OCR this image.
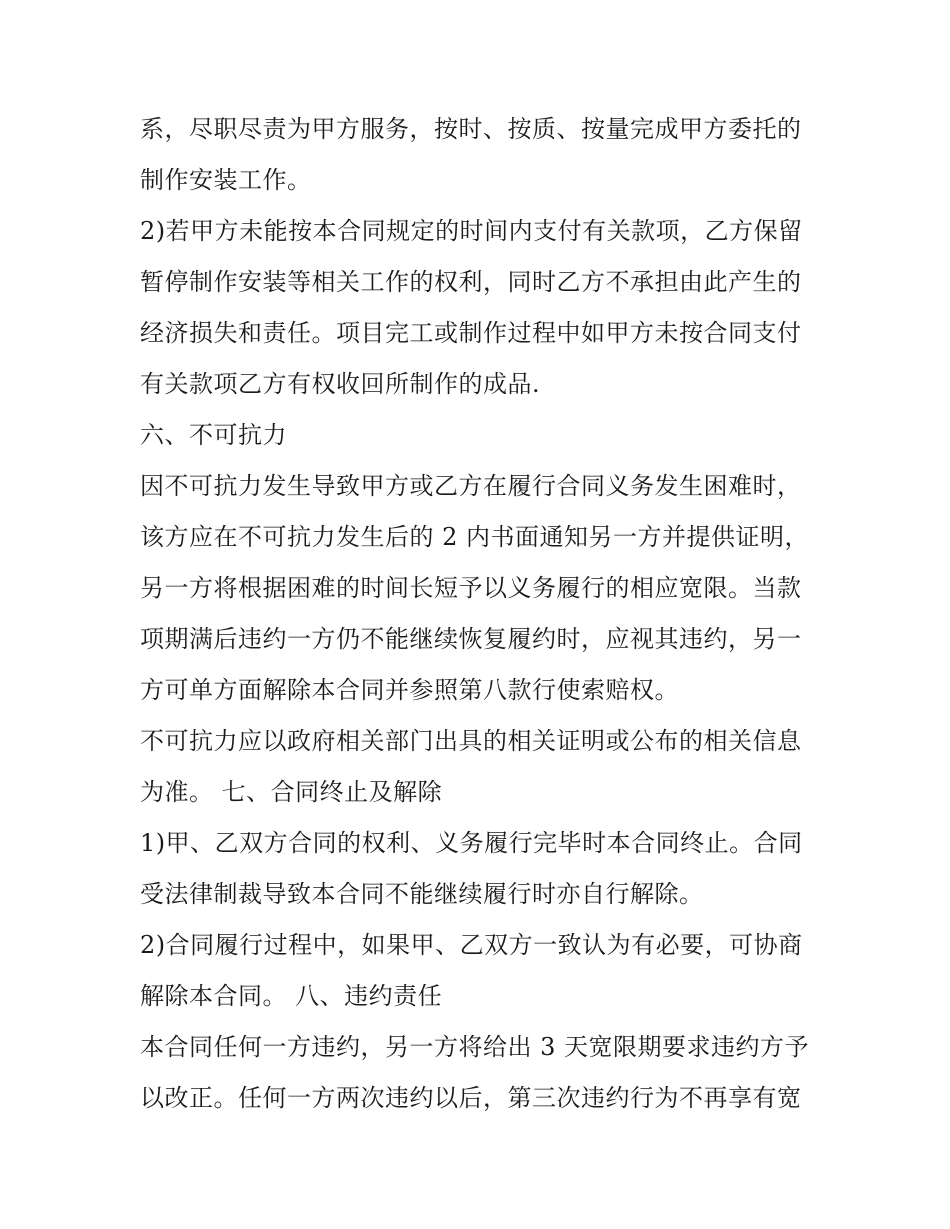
系，尽职尽责为甲方服务，按时、按质、按量完成甲方委托的
制作安装工作。
2)若甲方未能按本合同规定的时间内支付有关款项，乙方保留
暂停制作安装等相关工作的权利，同时乙方不承担由此产生的
经济损失和责任。项目完工或制作过程中如甲方未按合同支付
有关款项乙方有权收回所制作的成品.
六、不可抗力
因不可抗力发生导致甲方或乙方在履行合同义务发生困难时，
该方应在不可抗力发生后的 2 内书面通知另一方并提供证明，
另一方将根据困难的时间长短予以义务履行的相应宽限。当款
项期满后违约一方仍不能继续恢复履约时，应视其违约，另一
方可单方面解除本合同并参照第八款行使索赔权。
不可抗力应以政府相关部门出具的相关证明或公布的相关信息
为准。 七、合同终止及解除
1)甲、乙双方合同的权利、义务履行完毕时本合同终止。合同
受法律制裁导致本合同不能继续履行时亦自行解除。
2)合同履行过程中，如果甲、乙双方一致认为有必要，可协商
解除本合同。 八、违约责任
本合同任何一方违约，另一方将给出 3 天宽限期要求违约方予
以改正。任何一方两次违约以后，第三次违约行为不再享有宽
